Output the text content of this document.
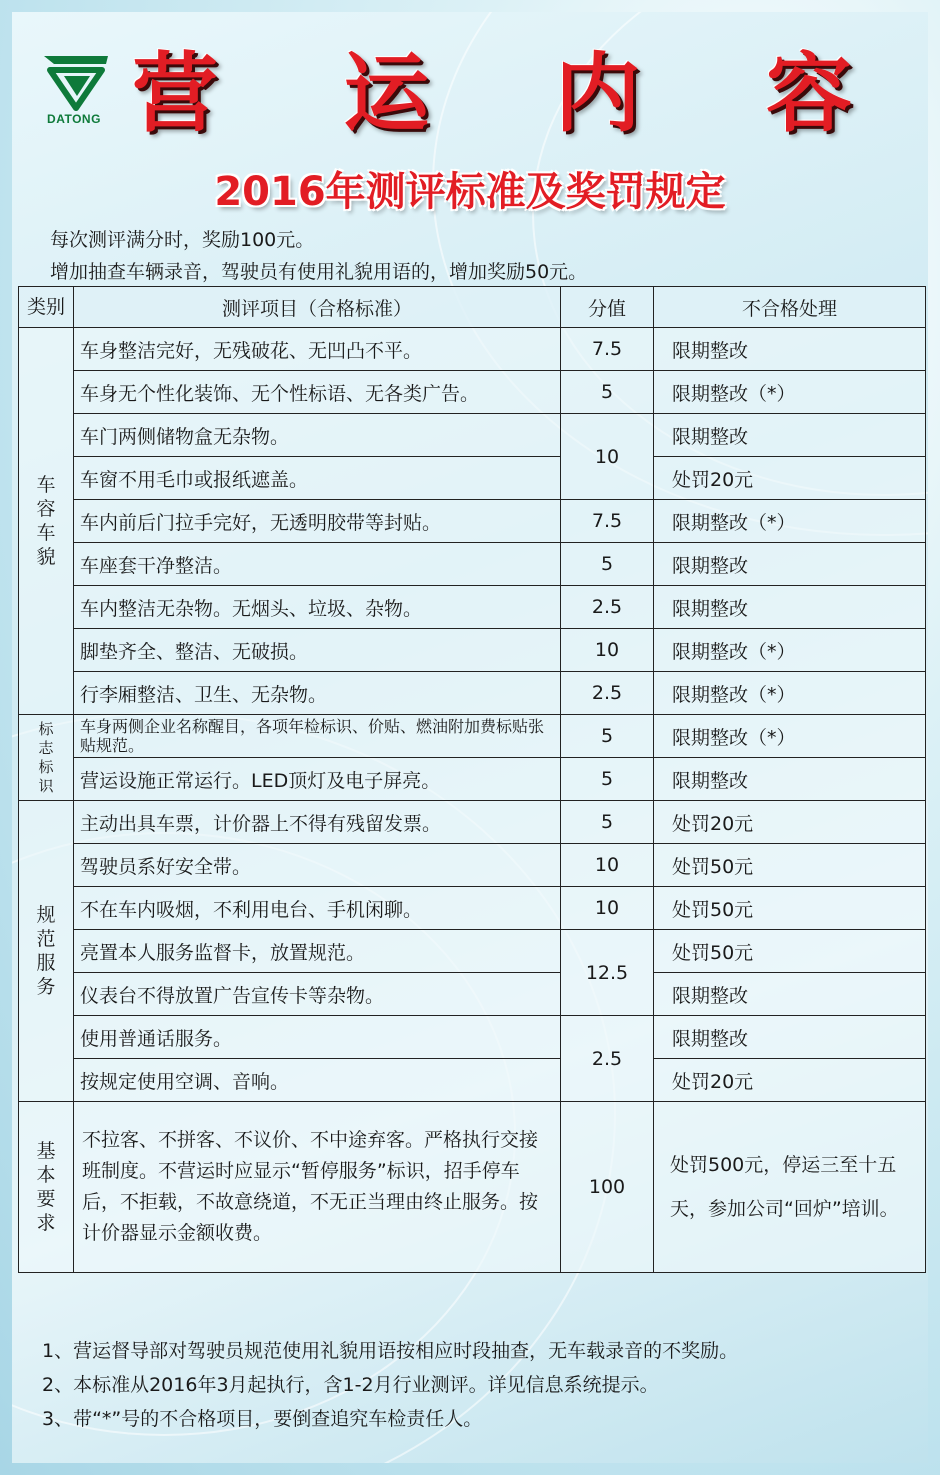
DATONG 营 运 内 容
2016年测评标准及奖罚规定
每次测评满分时，奖励100元。
增加抽查车辆录音，驾驶员有使用礼貌用语的，增加奖励50元。
类别	测评项目（合格标准）	分值	不合格处理
车
容
车
貌	车身整洁完好，无残破花、无凹凸不平。	7.5	限期整改
	车身无个性化装饰、无个性标语、无各类广告。	5	限期整改（*）
	车门两侧储物盒无杂物。	10	限期整改
	车窗不用毛巾或报纸遮盖。		处罚20元
	车内前后门拉手完好，无透明胶带等封贴。	7.5	限期整改（*）
	车座套干净整洁。	5	限期整改
	车内整洁无杂物。无烟头、垃圾、杂物。	2.5	限期整改
	脚垫齐全、整洁、无破损。	10	限期整改（*）
	行李厢整洁、卫生、无杂物。	2.5	限期整改（*）
标
志
标
识	车身两侧企业名称醒目，各项年检标识、价贴、燃油附加费标贴张贴规范。	5	限期整改（*）
	营运设施正常运行。LED顶灯及电子屏亮。	5	限期整改
规
范
服
务	主动出具车票，计价器上不得有残留发票。	5	处罚20元
	驾驶员系好安全带。	10	处罚50元
	不在车内吸烟，不利用电台、手机闲聊。	10	处罚50元
	亮置本人服务监督卡，放置规范。	12.5	处罚50元
	仪表台不得放置广告宣传卡等杂物。		限期整改
	使用普通话服务。	2.5	限期整改
	按规定使用空调、音响。		处罚20元
基
本
要
求	不拉客、不拼客、不议价、不中途弃客。严格执行交接班制度。不营运时应显示“暂停服务”标识，招手停车后，不拒载，不故意绕道，不无正当理由终止服务。按计价器显示金额收费。	100	处罚500元，停运三至十五天，参加公司“回炉”培训。
1、营运督导部对驾驶员规范使用礼貌用语按相应时段抽查，无车载录音的不奖励。
2、本标准从2016年3月起执行，含1-2月行业测评。详见信息系统提示。
3、带“*”号的不合格项目，要倒查追究车检责任人。
